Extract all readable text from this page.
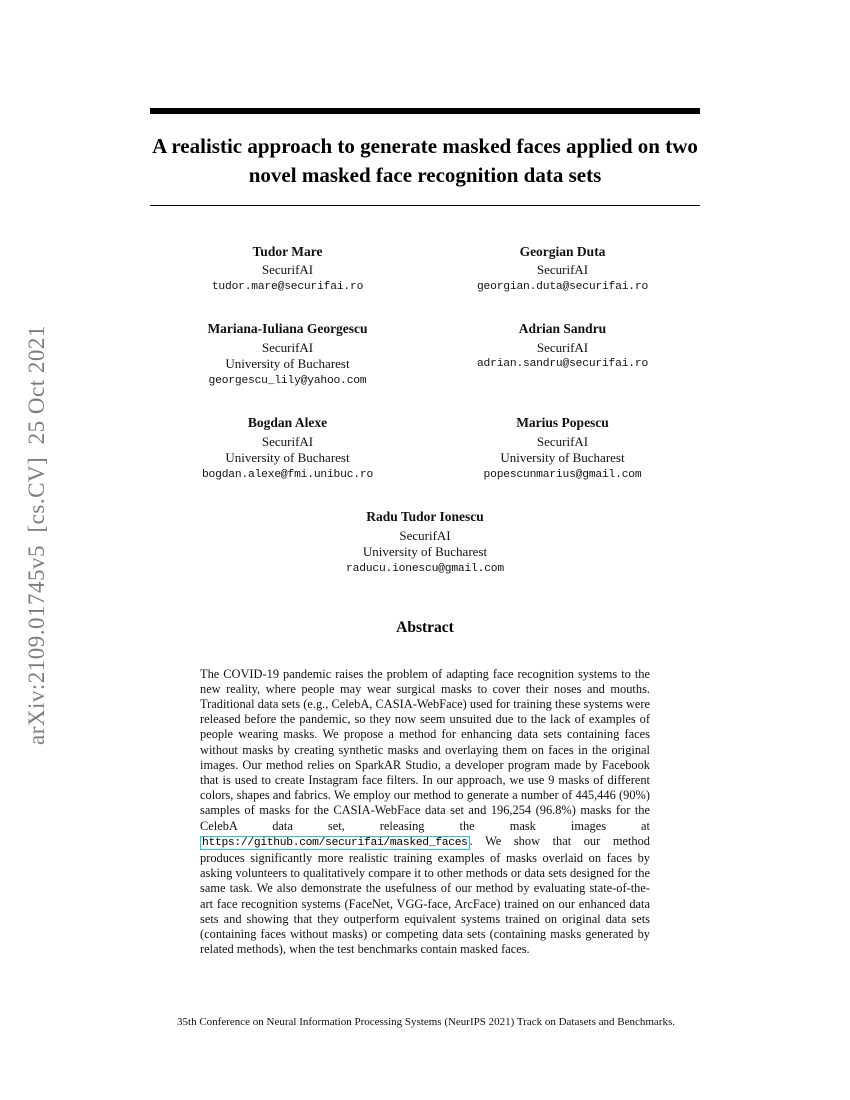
arXiv:2109.01745v5  [cs.CV]  25 Oct 2021
A realistic approach to generate masked faces applied on two novel masked face recognition data sets
Tudor Mare
SecurifAI
tudor.mare@securifai.ro
Georgian Duta
SecurifAI
georgian.duta@securifai.ro
Mariana-Iuliana Georgescu
SecurifAI
University of Bucharest
georgescu_lily@yahoo.com
Adrian Sandru
SecurifAI
adrian.sandru@securifai.ro
Bogdan Alexe
SecurifAI
University of Bucharest
bogdan.alexe@fmi.unibuc.ro
Marius Popescu
SecurifAI
University of Bucharest
popescunmarius@gmail.com
Radu Tudor Ionescu
SecurifAI
University of Bucharest
raducu.ionescu@gmail.com
Abstract

The COVID-19 pandemic raises the problem of adapting face recognition systems to the new reality, where people may wear surgical masks to cover their noses and mouths. Traditional data sets (e.g., CelebA, CASIA-WebFace) used for training these systems were released before the pandemic, so they now seem unsuited due to the lack of examples of people wearing masks. We propose a method for enhancing data sets containing faces without masks by creating synthetic masks and overlaying them on faces in the original images. Our method relies on SparkAR Studio, a developer program made by Facebook that is used to create Instagram face filters. In our approach, we use 9 masks of different colors, shapes and fabrics. We employ our method to generate a number of 445,446 (90%) samples of masks for the CASIA-WebFace data set and 196,254 (96.8%) masks for the CelebA data set, releasing the mask images at https://github.com/securifai/masked_faces . We show that our method produces significantly more realistic training examples of masks overlaid on faces by asking volunteers to qualitatively compare it to other methods or data sets designed for the same task. We also demonstrate the usefulness of our method by evaluating state-of-the-art face recognition systems (FaceNet, VGG-face, ArcFace) trained on our enhanced data sets and showing that they outperform equivalent systems trained on original data sets (containing faces without masks) or competing data sets (containing masks generated by related methods), when the test benchmarks contain masked faces.

35th Conference on Neural Information Processing Systems (NeurIPS 2021) Track on Datasets and Benchmarks.
